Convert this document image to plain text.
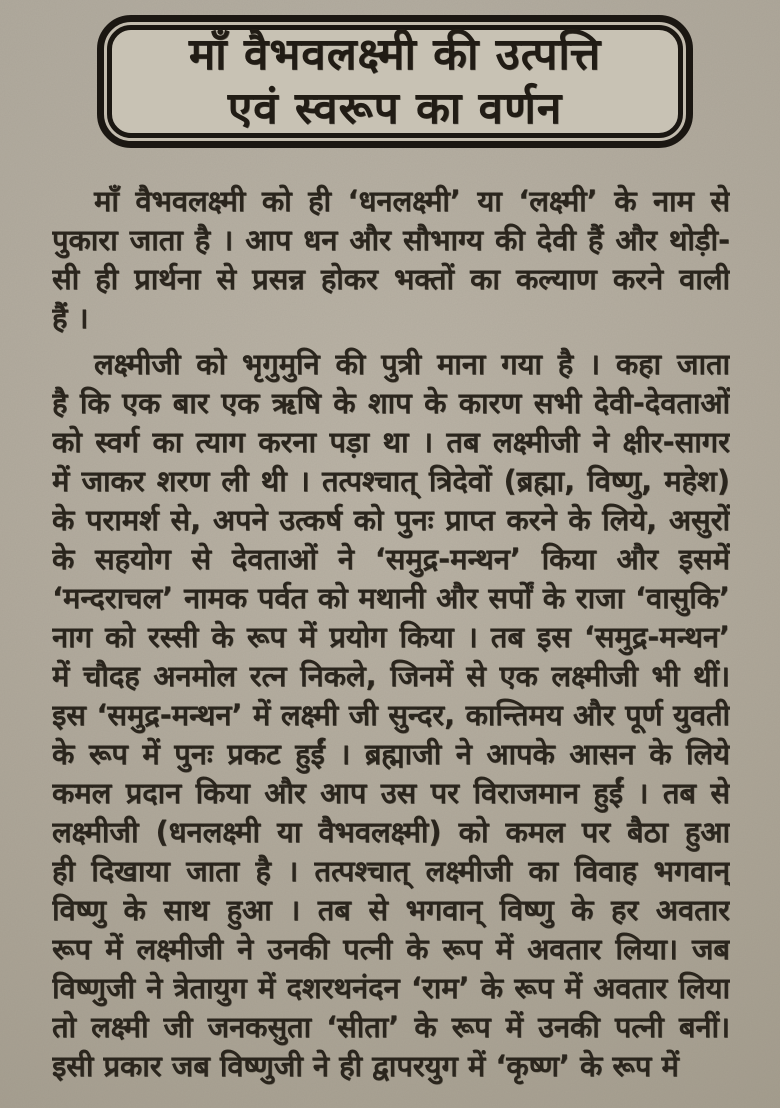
माँ वैभवलक्ष्मी की उत्पत्ति
एवं स्वरूप का वर्णन
माँ वैभवलक्ष्मी को ही ‘धनलक्ष्मी’ या ‘लक्ष्मी’ के नाम से
पुकारा जाता है । आप धन और सौभाग्य की देवी हैं और थोड़ी-
सी ही प्रार्थना से प्रसन्न होकर भक्तों का कल्याण करने वाली
हैं ।
लक्ष्मीजी को भृगुमुनि की पुत्री माना गया है । कहा जाता
है कि एक बार एक ऋषि के शाप के कारण सभी देवी-देवताओं
को स्वर्ग का त्याग करना पड़ा था । तब लक्ष्मीजी ने क्षीर-सागर
में जाकर शरण ली थी । तत्पश्चात् त्रिदेवों (ब्रह्मा, विष्णु, महेश)
के परामर्श से, अपने उत्कर्ष को पुनः प्राप्त करने के लिये, असुरों
के सहयोग से देवताओं ने ‘समुद्र-मन्थन’ किया और इसमें
‘मन्दराचल’ नामक पर्वत को मथानी और सर्पों के राजा ‘वासुकि’
नाग को रस्सी के रूप में प्रयोग किया । तब इस ‘समुद्र-मन्थन’
में चौदह अनमोल रत्न निकले, जिनमें से एक लक्ष्मीजी भी थीं।
इस ‘समुद्र-मन्थन’ में लक्ष्मी जी सुन्दर, कान्तिमय और पूर्ण युवती
के रूप में पुनः प्रकट हुईं । ब्रह्माजी ने आपके आसन के लिये
कमल प्रदान किया और आप उस पर विराजमान हुईं । तब से
लक्ष्मीजी (धनलक्ष्मी या वैभवलक्ष्मी) को कमल पर बैठा हुआ
ही दिखाया जाता है । तत्पश्चात् लक्ष्मीजी का विवाह भगवान्
विष्णु के साथ हुआ । तब से भगवान् विष्णु के हर अवतार
रूप में लक्ष्मीजी ने उनकी पत्नी के रूप में अवतार लिया। जब
विष्णुजी ने त्रेतायुग में दशरथनंदन ‘राम’ के रूप में अवतार लिया
तो लक्ष्मी जी जनकसुता ‘सीता’ के रूप में उनकी पत्नी बनीं।
इसी प्रकार जब विष्णुजी ने ही द्वापरयुग में ‘कृष्ण’ के रूप में
